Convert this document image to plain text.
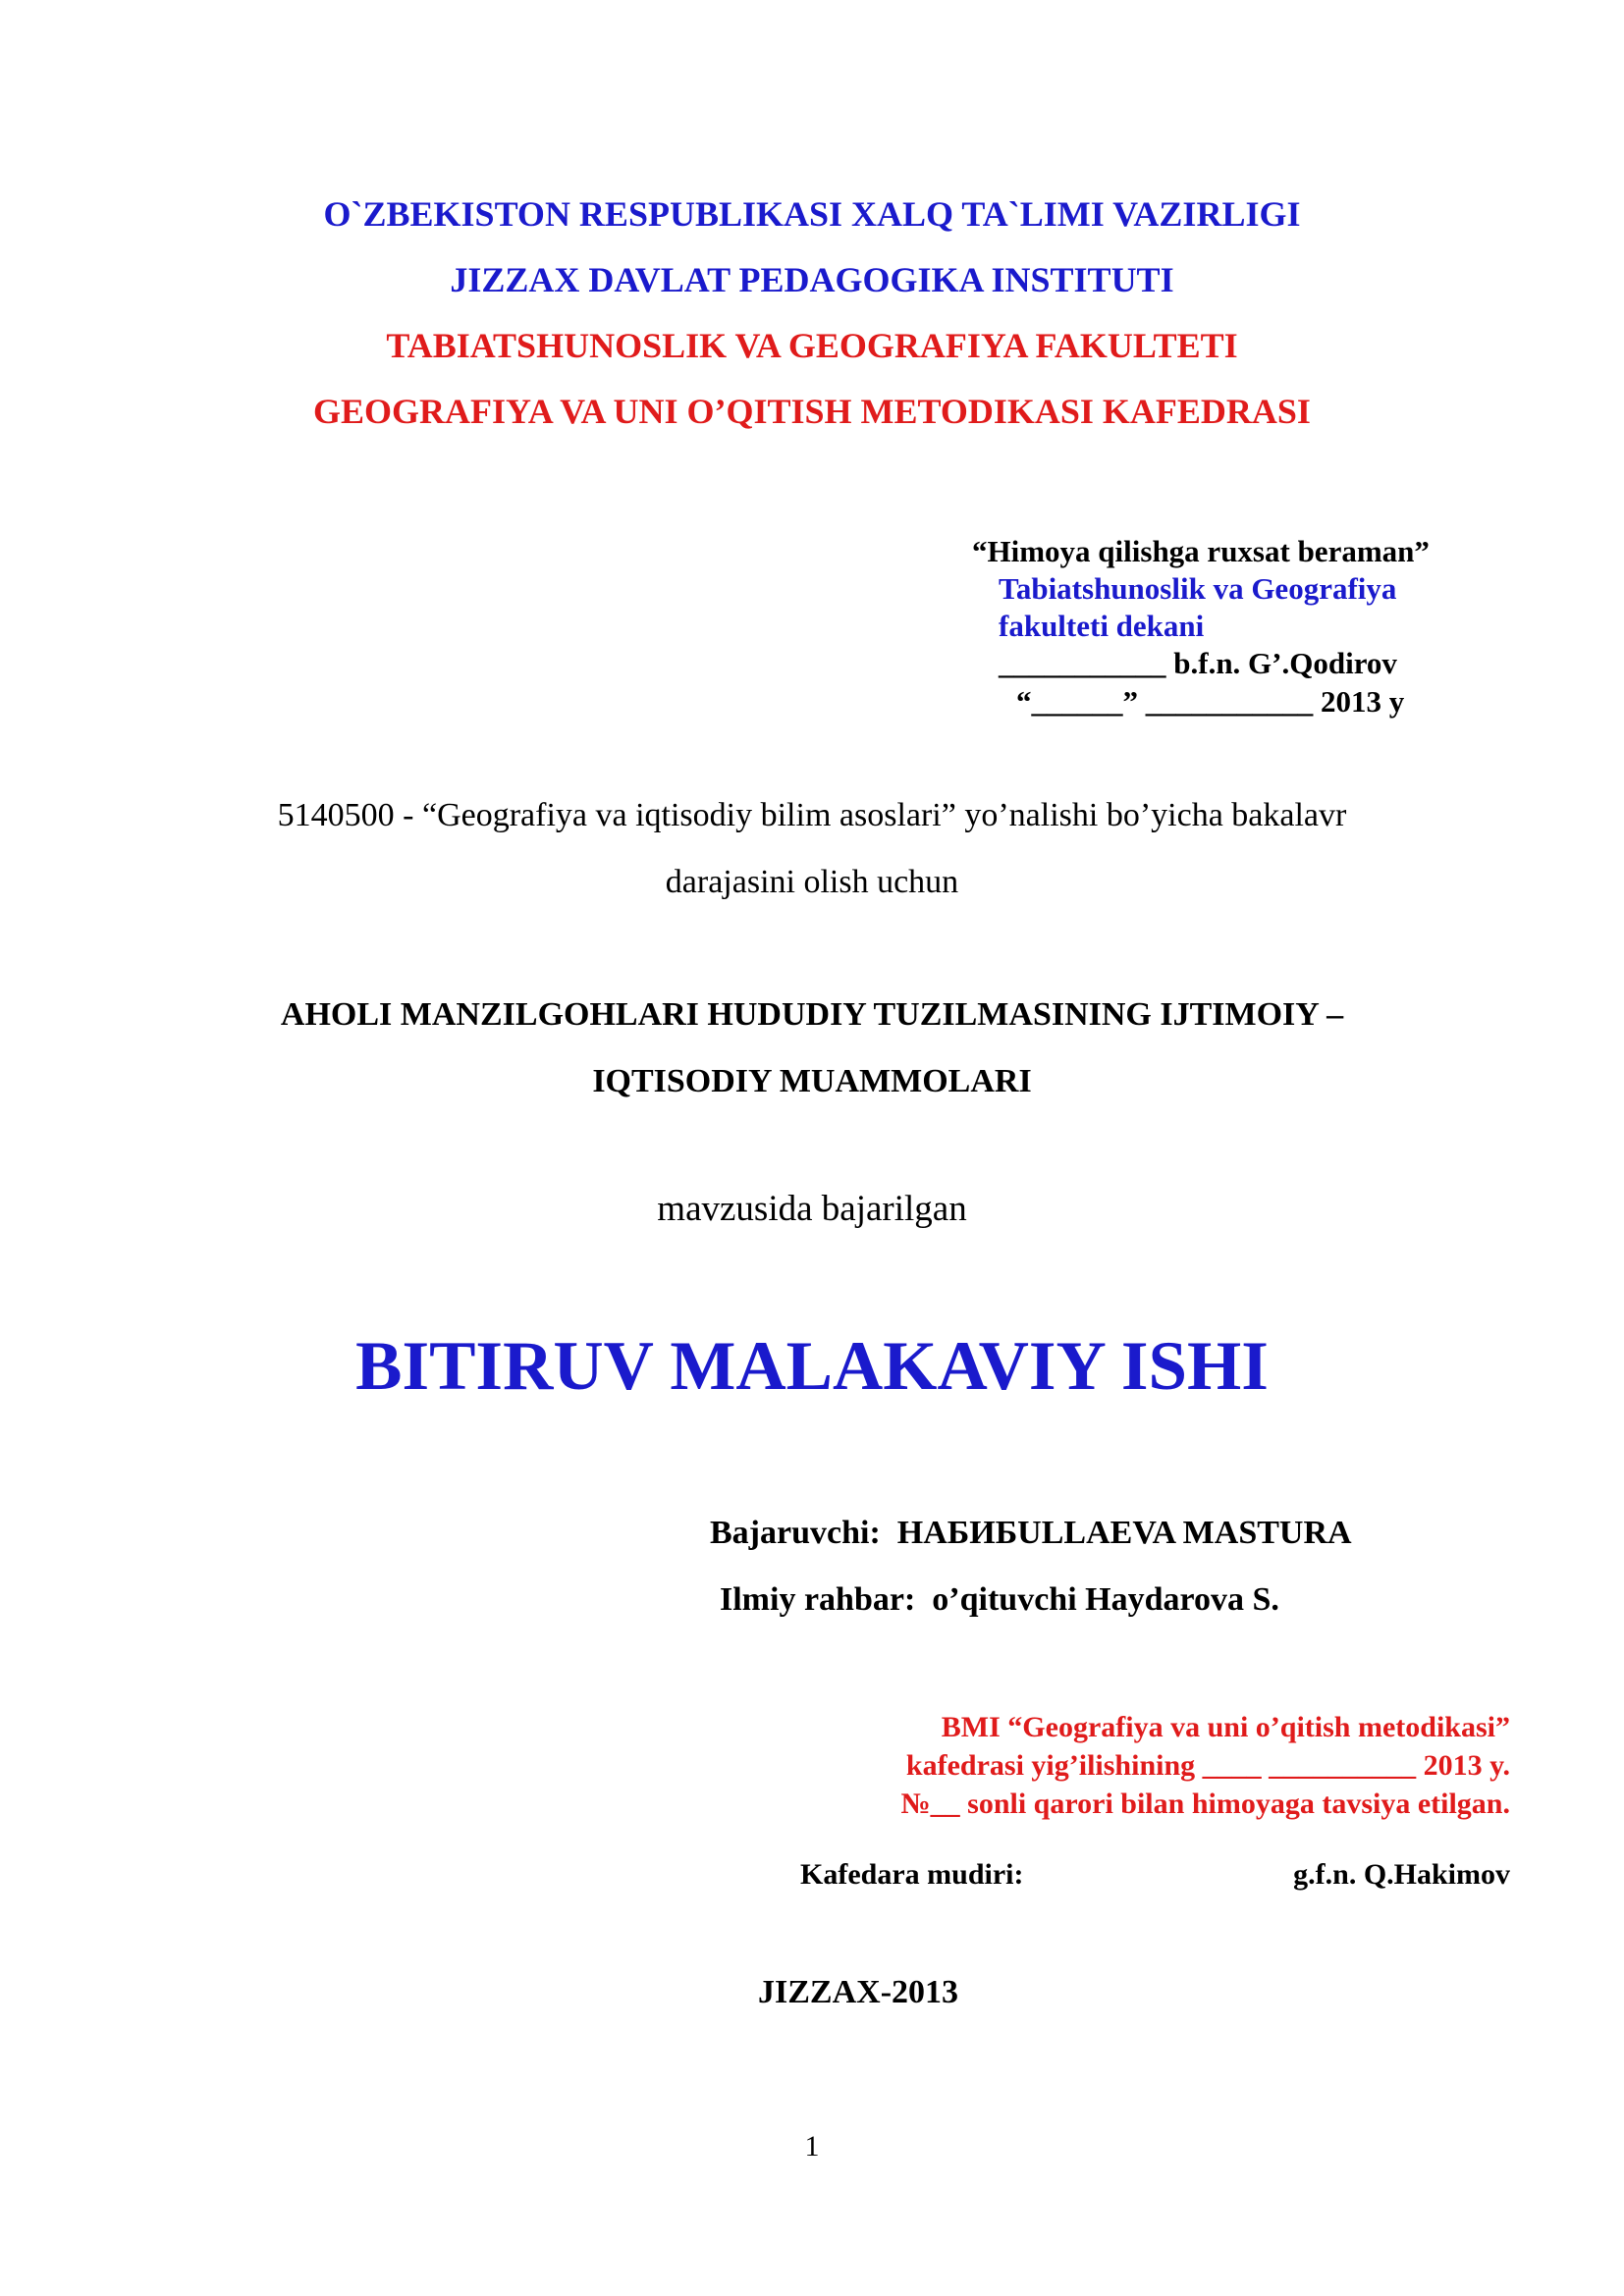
O`ZBEKISTON RESPUBLIKASI XALQ TA`LIMI VAZIRLIGI
JIZZAX DAVLAT PEDAGOGIKA INSTITUTI
TABIATSHUNOSLIK VA GEOGRAFIYA FAKULTETI
GEOGRAFIYA VA UNI O’QITISH METODIKASI KAFEDRASI
“Himoya qilishga ruxsat beraman”
Tabiatshunoslik va Geografiya
fakulteti dekani
___________ b.f.n. G’.Qodirov
“______” ___________ 2013 y
5140500 - “Geografiya va iqtisodiy bilim asoslari” yo’nalishi bo’yicha bakalavr
darajasini olish uchun
AHOLI MANZILGOHLARI HUDUDIY TUZILMASINING IJTIMOIY –
IQTISODIY MUAMMOLARI
mavzusida bajarilgan
BITIRUV MALAKAVIY ISHI
Bajaruvchi: НАБИБULLAEVA MASTURA
Ilmiy rahbar: o’qituvchi Haydarova S.
BMI “Geografiya va uni o’qitish metodikasi”
kafedrasi yig’ilishining ____ __________ 2013 y.
№__ sonli qarori bilan himoyaga tavsiya etilgan.
Kafedara mudiri:	g.f.n. Q.Hakimov
JIZZAX-2013
1
